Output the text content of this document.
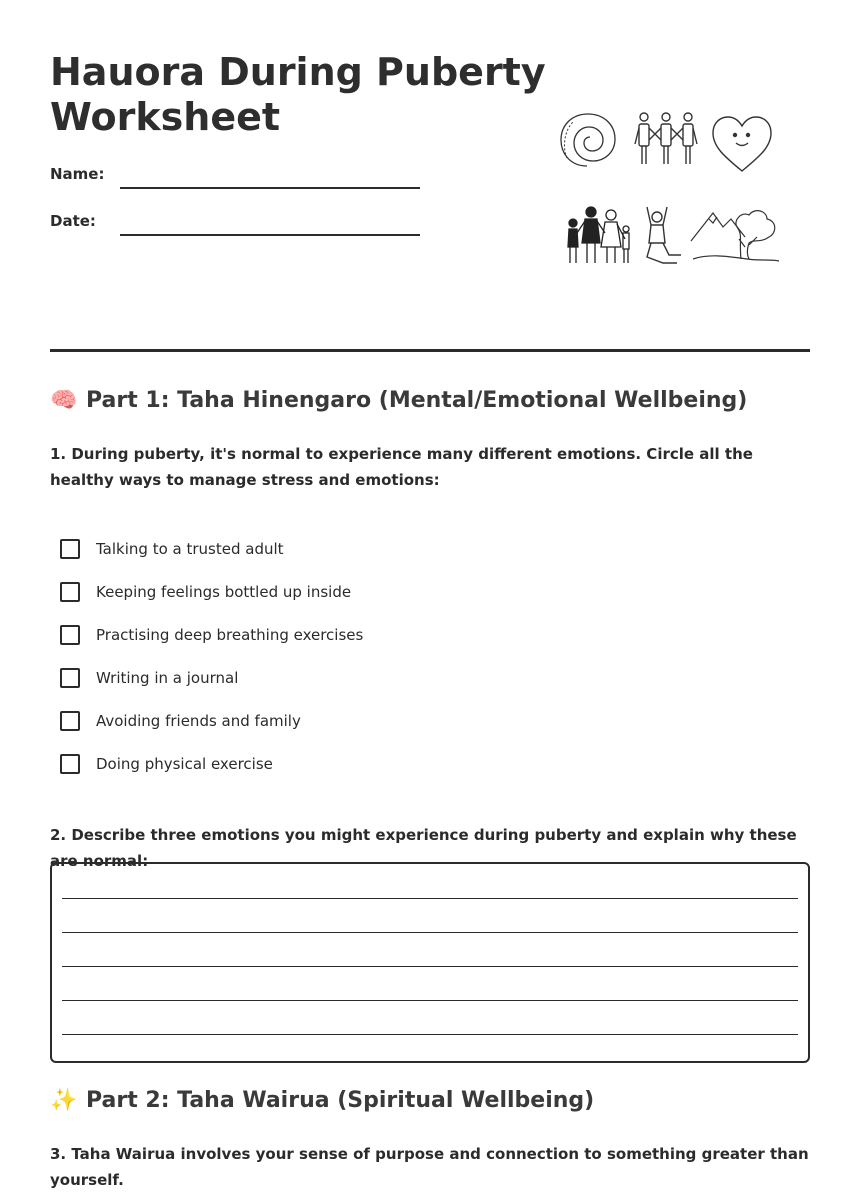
Hauora During Puberty
Worksheet
Name:
Date:
🧠 Part 1: Taha Hinengaro (Mental/Emotional Wellbeing)

1. During puberty, it's normal to experience many different emotions. Circle all the healthy ways to manage stress and emotions:

Talking to a trusted adult
Keeping feelings bottled up inside
Practising deep breathing exercises
Writing in a journal
Avoiding friends and family
Doing physical exercise

2. Describe three emotions you might experience during puberty and explain why these are normal:

✨ Part 2: Taha Wairua (Spiritual Wellbeing)

3. Taha Wairua involves your sense of purpose and connection to something greater than yourself.
